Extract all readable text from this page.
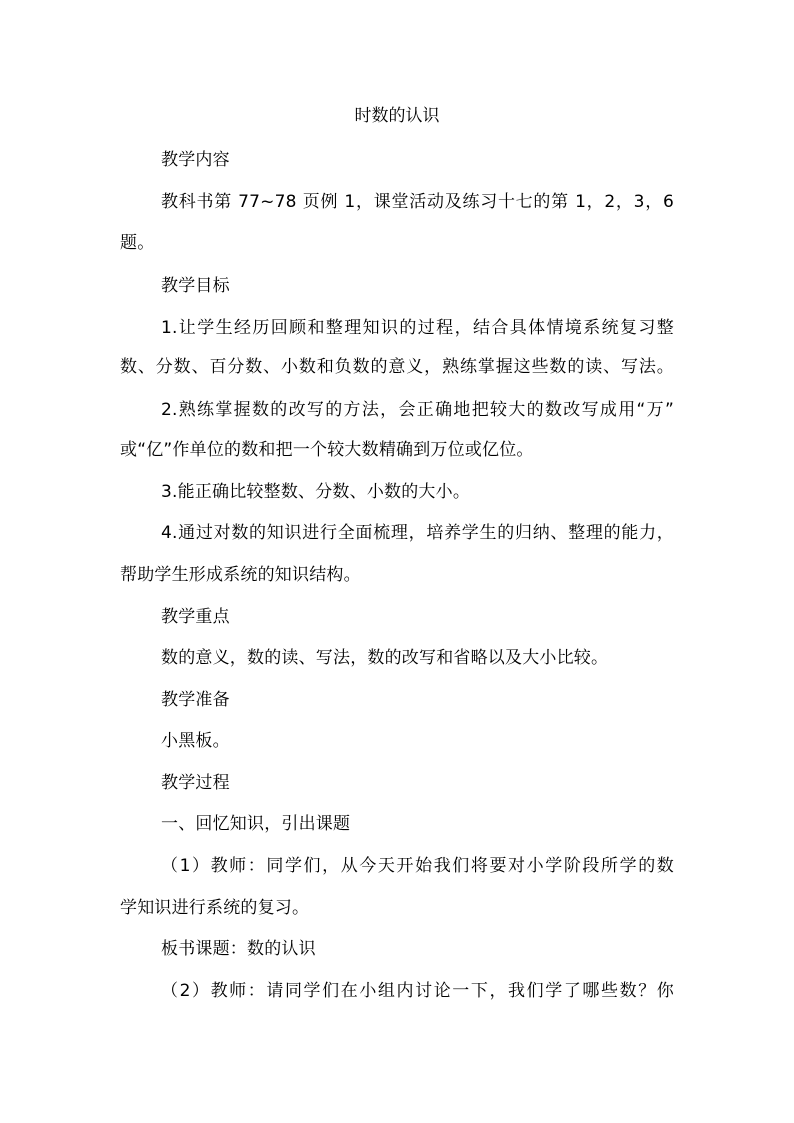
时数的认识
教学内容
教科书第 77~78 页例 1，课堂活动及练习十七的第 1，2，3，6
题。
教学目标
1.让学生经历回顾和整理知识的过程，结合具体情境系统复习整
数、分数、百分数、小数和负数的意义，熟练掌握这些数的读、写法。
2.熟练掌握数的改写的方法，会正确地把较大的数改写成用“万”
或“亿”作单位的数和把一个较大数精确到万位或亿位。
3.能正确比较整数、分数、小数的大小。
4.通过对数的知识进行全面梳理，培养学生的归纳、整理的能力，
帮助学生形成系统的知识结构。
教学重点
数的意义，数的读、写法，数的改写和省略以及大小比较。
教学准备
小黑板。
教学过程
一、回忆知识，引出课题
（1）教师：同学们，从今天开始我们将要对小学阶段所学的数
学知识进行系统的复习。
板书课题：数的认识
（2）教师：请同学们在小组内讨论一下，我们学了哪些数？你
